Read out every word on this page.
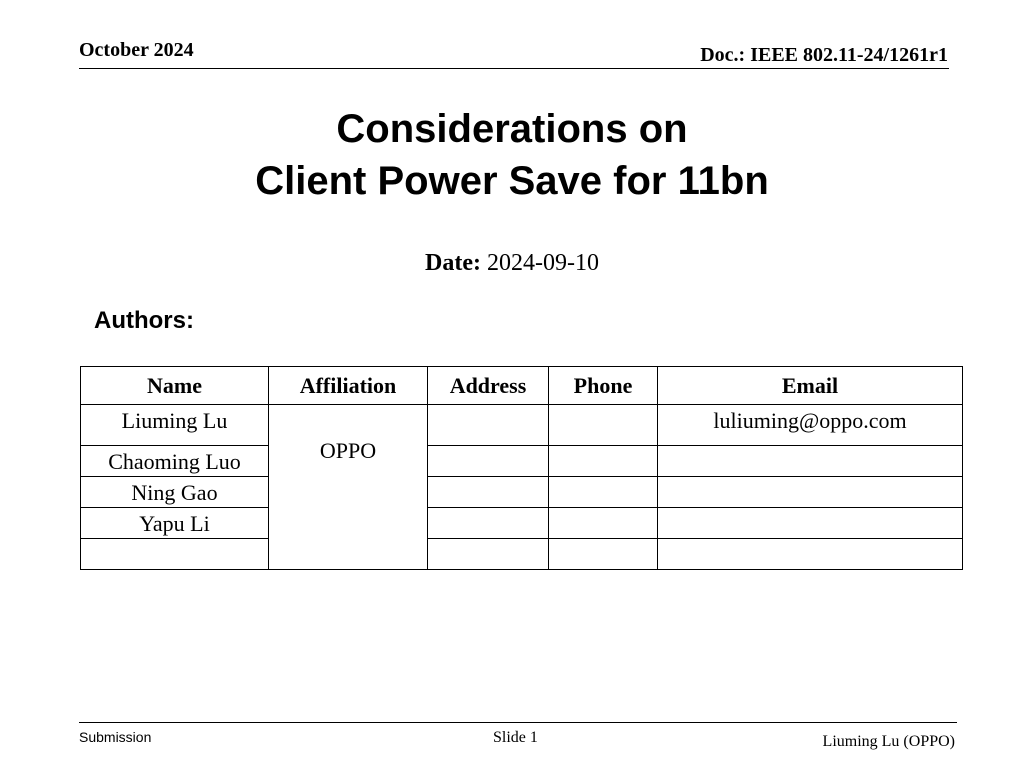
October 2024	Doc.: IEEE 802.11-24/1261r1
Considerations on
Client Power Save for 11bn
Date: 2024-09-10
Authors:
Name	Affiliation	Address	Phone	Email
Liuming Lu	OPPO			luliuming@oppo.com
Chaoming Luo				
Ning Gao				
Yapu Li				

Submission	Slide 1	Liuming Lu (OPPO)
